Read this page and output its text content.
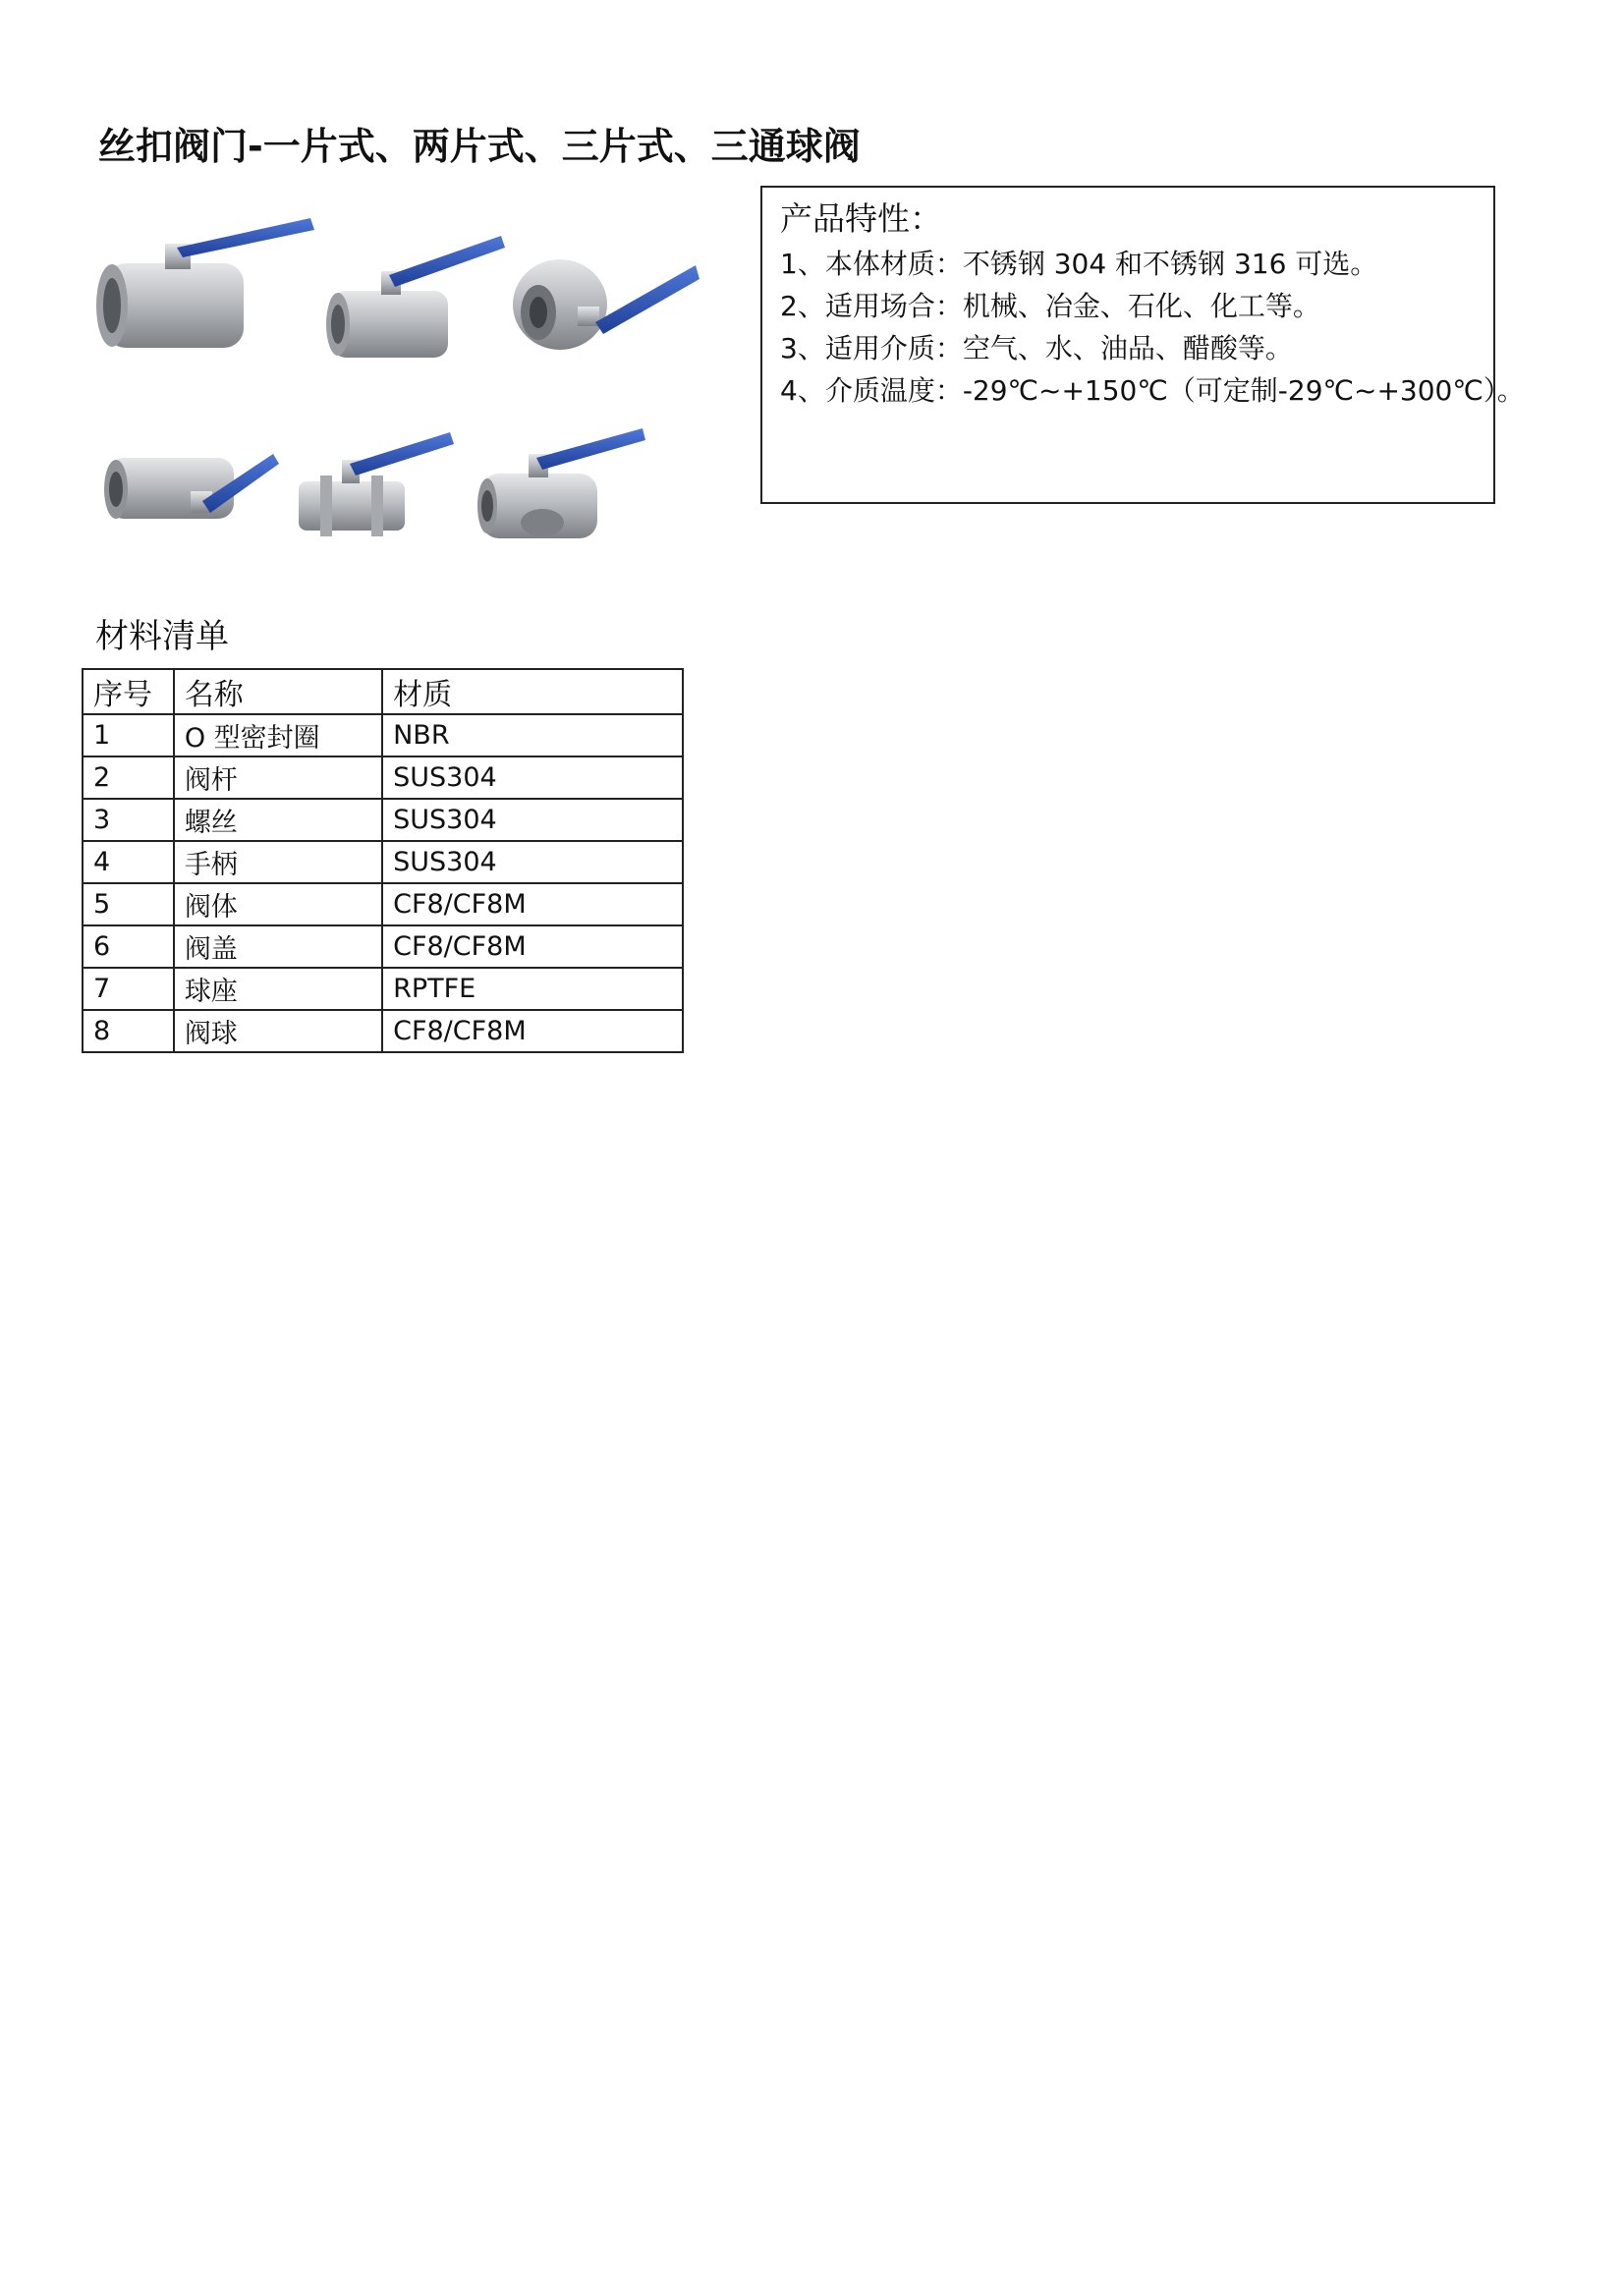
丝扣阀门-一片式、两片式、三片式、三通球阀
产品特性：
1、本体材质：不锈钢 304 和不锈钢 316 可选。
2、适用场合：机械、冶金、石化、化工等。
3、适用介质：空气、水、油品、醋酸等。
4、介质温度：-29℃~+150℃（可定制-29℃~+300℃）。
材料清单
序号	名称	材质
1	O 型密封圈	NBR
2	阀杆	SUS304
3	螺丝	SUS304
4	手柄	SUS304
5	阀体	CF8/CF8M
6	阀盖	CF8/CF8M
7	球座	RPTFE
8	阀球	CF8/CF8M
